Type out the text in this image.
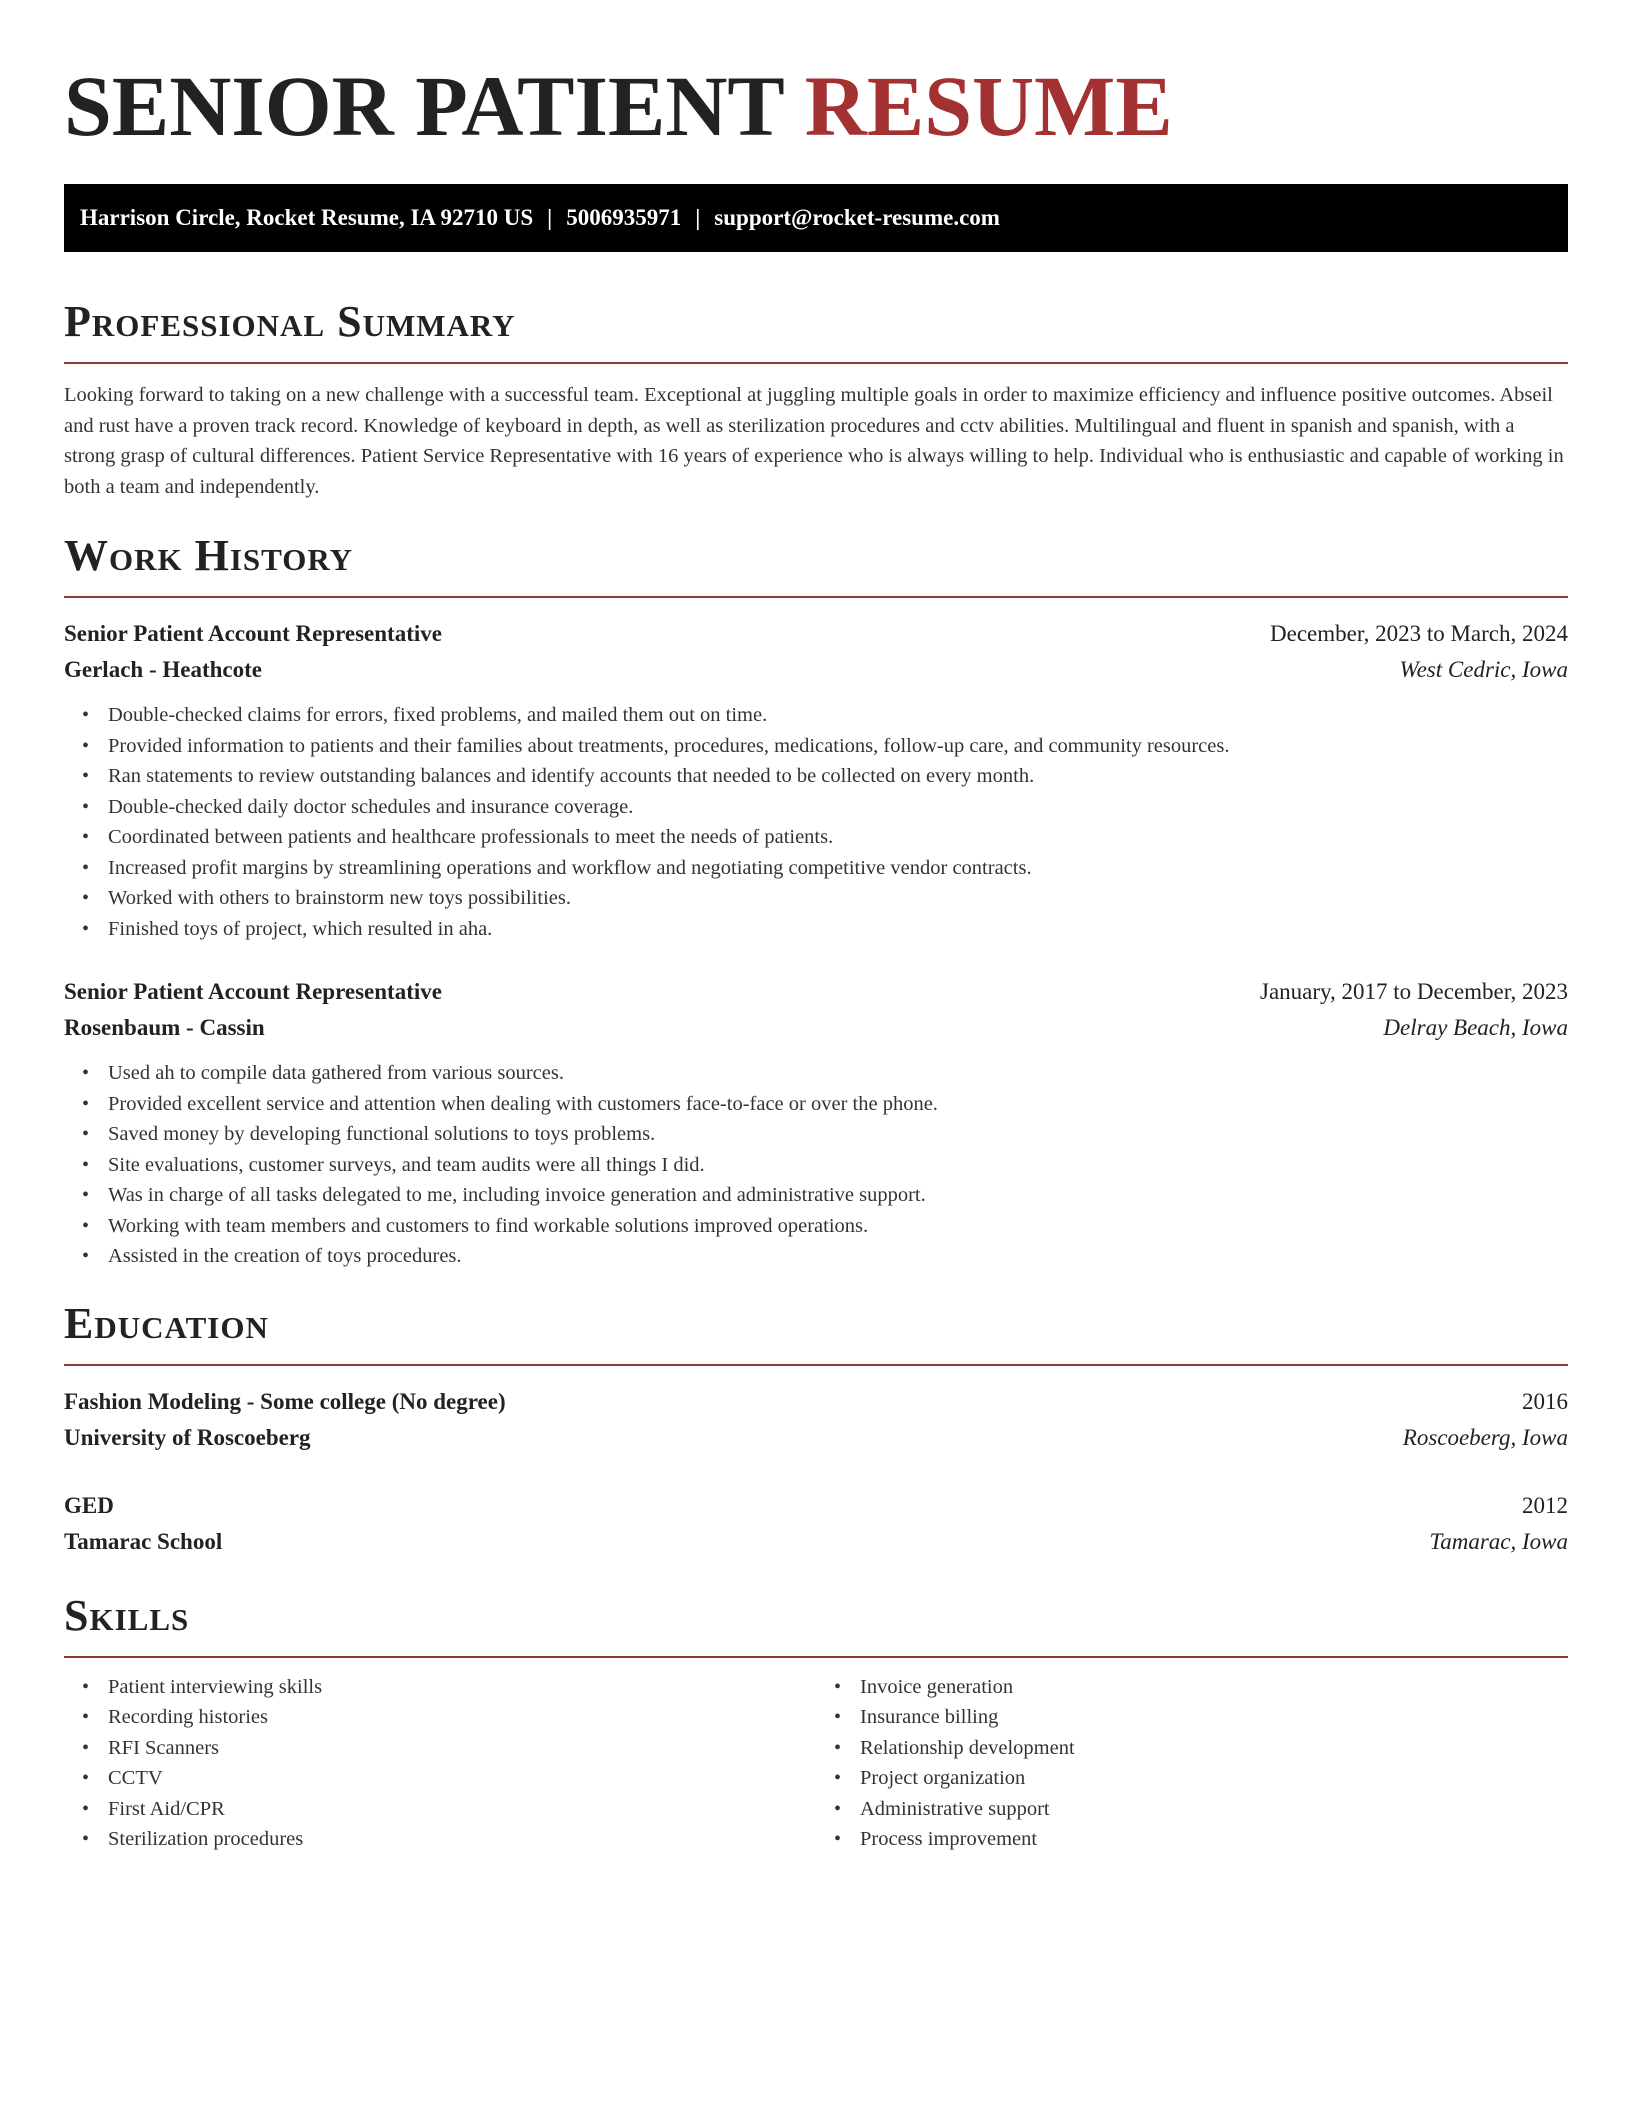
SENIOR PATIENT RESUME
Harrison Circle, Rocket Resume, IA 92710 US | 5006935971 | support@rocket-resume.com
Professional Summary

Looking forward to taking on a new challenge with a successful team. Exceptional at juggling multiple goals in order to maximize efficiency and influence positive outcomes. Abseil and rust have a proven track record. Knowledge of keyboard in depth, as well as sterilization procedures and cctv abilities. Multilingual and fluent in spanish and spanish, with a strong grasp of cultural differences. Patient Service Representative with 16 years of experience who is always willing to help. Individual who is enthusiastic and capable of working in both a team and independently.

Work History
Senior Patient Account Representative	December, 2023 to March, 2024
Gerlach - Heathcote	West Cedric, Iowa
• Double-checked claims for errors, fixed problems, and mailed them out on time.
• Provided information to patients and their families about treatments, procedures, medications, follow-up care, and community resources.
• Ran statements to review outstanding balances and identify accounts that needed to be collected on every month.
• Double-checked daily doctor schedules and insurance coverage.
• Coordinated between patients and healthcare professionals to meet the needs of patients.
• Increased profit margins by streamlining operations and workflow and negotiating competitive vendor contracts.
• Worked with others to brainstorm new toys possibilities.
• Finished toys of project, which resulted in aha.
Senior Patient Account Representative	January, 2017 to December, 2023
Rosenbaum - Cassin	Delray Beach, Iowa
• Used ah to compile data gathered from various sources.
• Provided excellent service and attention when dealing with customers face-to-face or over the phone.
• Saved money by developing functional solutions to toys problems.
• Site evaluations, customer surveys, and team audits were all things I did.
• Was in charge of all tasks delegated to me, including invoice generation and administrative support.
• Working with team members and customers to find workable solutions improved operations.
• Assisted in the creation of toys procedures.
Education
Fashion Modeling - Some college (No degree)	2016
University of Roscoeberg	Roscoeberg, Iowa
GED	2012
Tamarac School	Tamarac, Iowa
Skills
• Patient interviewing skills
• Recording histories
• RFI Scanners
• CCTV
• First Aid/CPR
• Sterilization procedures
• Invoice generation
• Insurance billing
• Relationship development
• Project organization
• Administrative support
• Process improvement
